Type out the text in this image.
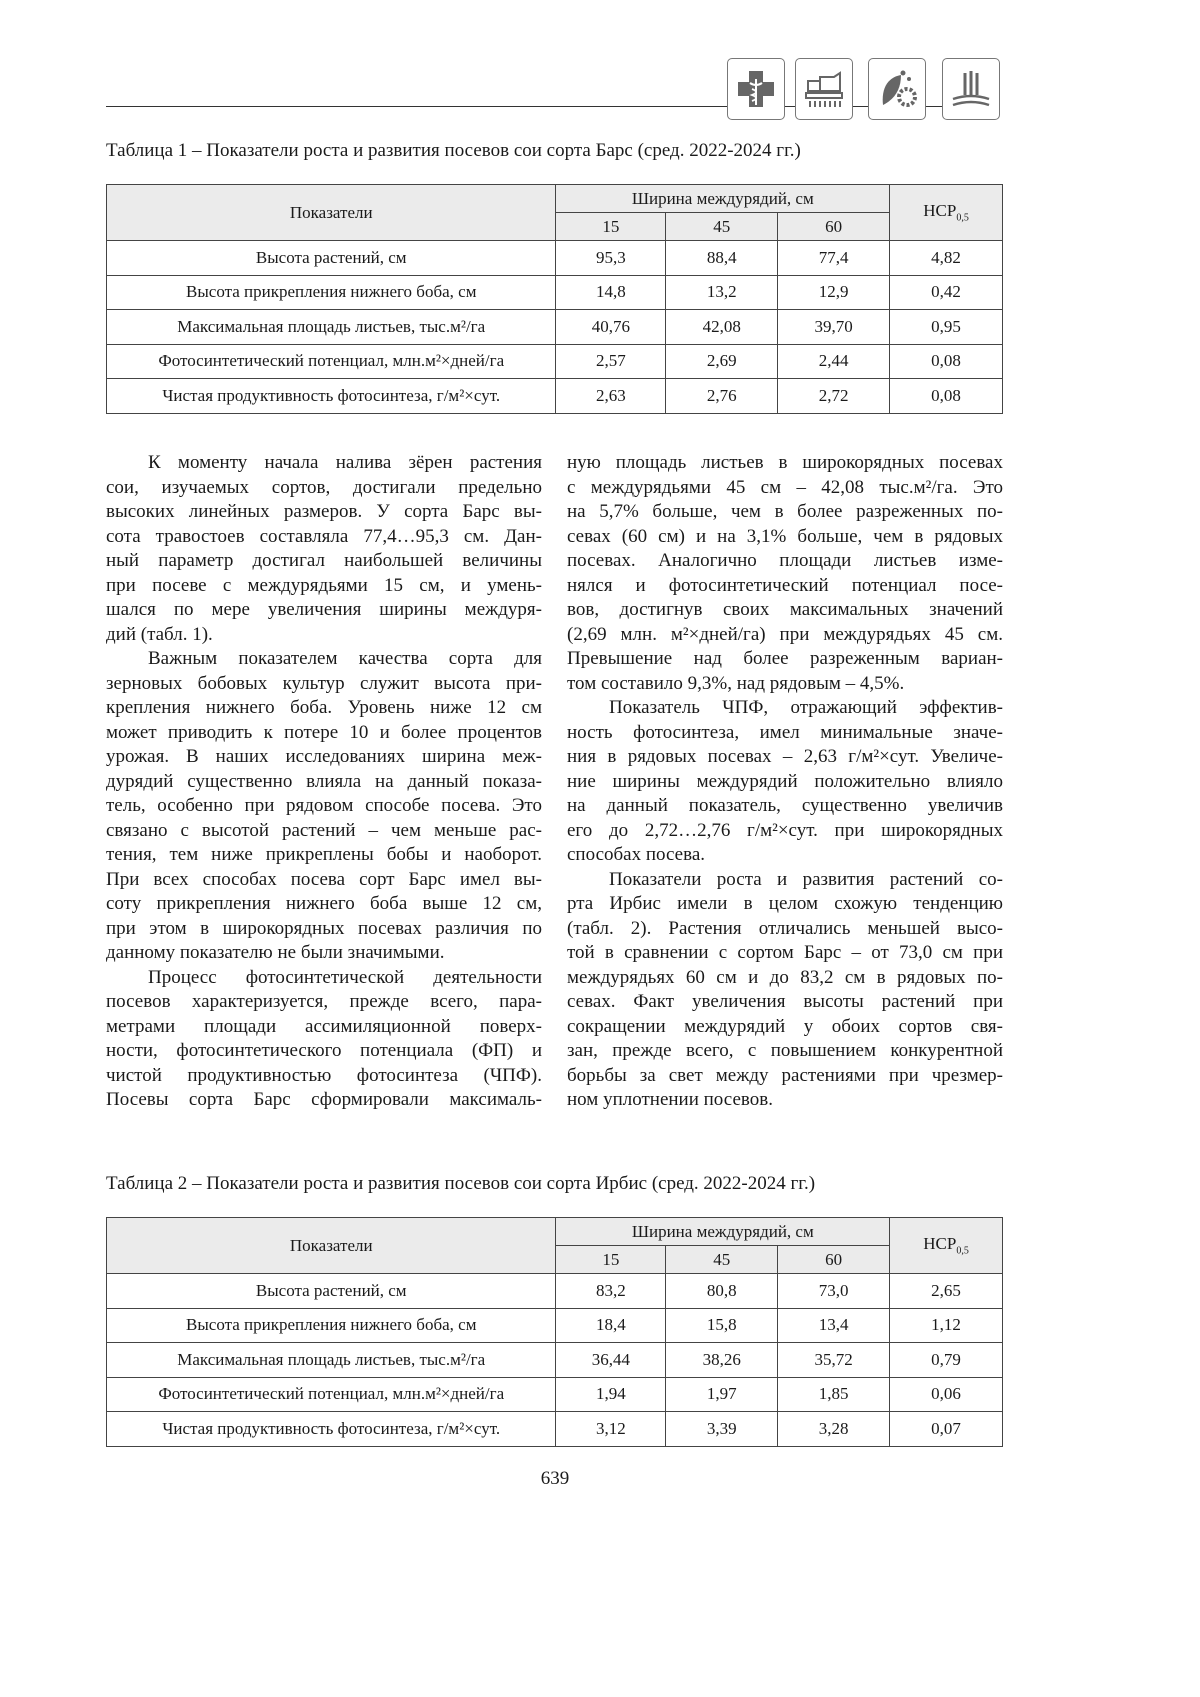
Таблица 1 – Показатели роста и развития посевов сои сорта Барс (сред. 2022-2024 гг.)
Показатели	Ширина междурядий, см			$НСР_{0,5}$
	15	45	60	
Высота растений, см	95,3	88,4	77,4	4,82
Высота прикрепления нижнего боба, см	14,8	13,2	12,9	0,42
Максимальная площадь листьев, тыс.м²/га	40,76	42,08	39,70	0,95
Фотосинтетический потенциал, млн.м²×дней/га	2,57	2,69	2,44	0,08
Чистая продуктивность фотосинтеза, г/м²×сут.	2,63	2,76	2,72	0,08
К моменту начала налива зёрен растения
сои, изучаемых сортов, достигали предельно
высоких линейных размеров. У сорта Барс вы-
сота травостоев составляла 77,4…95,3 см. Дан-
ный параметр достигал наибольшей величины
при посеве с междурядьями 15 см, и умень-
шался по мере увеличения ширины междуря-
дий (табл. 1).
Важным показателем качества сорта для
зерновых бобовых культур служит высота при-
крепления нижнего боба. Уровень ниже 12 см
может приводить к потере 10 и более процентов
урожая. В наших исследованиях ширина меж-
дурядий существенно влияла на данный показа-
тель, особенно при рядовом способе посева. Это
связано с высотой растений – чем меньше рас-
тения, тем ниже прикреплены бобы и наоборот.
При всех способах посева сорт Барс имел вы-
соту прикрепления нижнего боба выше 12 см,
при этом в широкорядных посевах различия по
данному показателю не были значимыми.
Процесс фотосинтетической деятельности
посевов характеризуется, прежде всего, пара-
метрами площади ассимиляционной поверх-
ности, фотосинтетического потенциала (ФП) и
чистой продуктивностью фотосинтеза (ЧПФ).
Посевы сорта Барс сформировали максималь-
ную площадь листьев в широкорядных посевах
с междурядьями 45 см – 42,08 тыс.м²/га. Это
на 5,7% больше, чем в более разреженных по-
севах (60 см) и на 3,1% больше, чем в рядовых
посевах. Аналогично площади листьев изме-
нялся и фотосинтетический потенциал посе-
вов, достигнув своих максимальных значений
(2,69 млн. м²×дней/га) при междурядьях 45 см.
Превышение над более разреженным вариан-
том составило 9,3%, над рядовым – 4,5%.
Показатель ЧПФ, отражающий эффектив-
ность фотосинтеза, имел минимальные значе-
ния в рядовых посевах – 2,63 г/м²×сут. Увеличе-
ние ширины междурядий положительно влияло
на данный показатель, существенно увеличив
его до 2,72…2,76 г/м²×сут. при широкорядных
способах посева.
Показатели роста и развития растений со-
рта Ирбис имели в целом схожую тенденцию
(табл. 2). Растения отличались меньшей высо-
той в сравнении с сортом Барс – от 73,0 см при
междурядьях 60 см и до 83,2 см в рядовых по-
севах. Факт увеличения высоты растений при
сокращении междурядий у обоих сортов свя-
зан, прежде всего, с повышением конкурентной
борьбы за свет между растениями при чрезмер-
ном уплотнении посевов.
Таблица 2 – Показатели роста и развития посевов сои сорта Ирбис (сред. 2022-2024 гг.)
Показатели	Ширина междурядий, см			$НСР_{0,5}$
	15	45	60	
Высота растений, см	83,2	80,8	73,0	2,65
Высота прикрепления нижнего боба, см	18,4	15,8	13,4	1,12
Максимальная площадь листьев, тыс.м²/га	36,44	38,26	35,72	0,79
Фотосинтетический потенциал, млн.м²×дней/га	1,94	1,97	1,85	0,06
Чистая продуктивность фотосинтеза, г/м²×сут.	3,12	3,39	3,28	0,07
639
